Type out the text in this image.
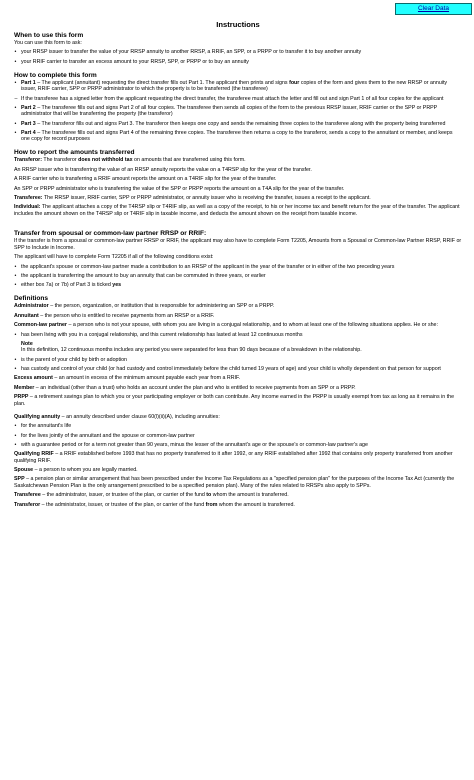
Clear Data
Instructions
When to use this form

You can use this form to ask:

• your RRSP issuer to transfer the value of your RRSP annuity to another RRSP, a RRIF, an SPP, or a PRPP or to transfer it to buy another annuity
• your RRIF carrier to transfer an excess amount to your RRSP, SPP, or PRPP or to buy an annuity
How to complete this form
• Part 1 – The applicant (annuitant) requesting the direct transfer fills out Part 1. The applicant then prints and signs four copies of the form and gives them to the new RRSP or annuity issuer, RRIF carrier, SPP or PRPP administrator to which the property is to be transferred (the transferee)
– If the transferee has a signed letter from the applicant requesting the direct transfer, the transferee must attach the letter and fill out and sign Part 1 of all four copies for the applicant
• Part 2 – The transferee fills out and signs Part 2 of all four copies. The transferee then sends all copies of the form to the previous RRSP issuer, RRIF carrier or the SPP or PRPP administrator that will be transferring the property (the transferor)
• Part 3 – The transferor fills out and signs Part 3. The transferor then keeps one copy and sends the remaining three copies to the transferee along with the property being transferred
• Part 4 – The transferee fills out and signs Part 4 of the remaining three copies. The transferee then returns a copy to the transferor, sends a copy to the annuitant or member, and keeps one copy for record purposes
How to report the amounts transferred

Transferor: The transferor does not withhold tax on amounts that are transferred using this form.

An RRSP issuer who is transferring the value of an RRSP annuity reports the value on a T4RSP slip for the year of the transfer.

A RRIF carrier who is transferring a RRIF amount reports the amount on a T4RIF slip for the year of the transfer.

An SPP or PRPP administrator who is transferring the value of the SPP or PRPP reports the amount on a T4A slip for the year of the transfer.

Transferee: The RRSP issuer, RRIF carrier, SPP or PRPP administrator, or annuity issuer who is receiving the transfer, issues a receipt to the applicant.

Individual: The applicant attaches a copy of the T4RSP slip or T4RIF slip, as well as a copy of the receipt, to his or her income tax and benefit return for the year of the transfer. The applicant includes the amount shown on the T4RSP slip or T4RIF slip in taxable income, and deducts the amount shown on the receipt from taxable income.

Transfer from spousal or common-law partner RRSP or RRIF:

If the transfer is from a spousal or common-law partner RRSP or RRIF, the applicant may also have to complete Form T2205, Amounts from a Spousal or Common-law Partner RRSP, RRIF or SPP to Include in Income.

The applicant will have to complete Form T2205 if all of the following conditions exist:

• the applicant's spouse or common-law partner made a contribution to an RRSP of the applicant in the year of the transfer or in either of the two preceding years
• the applicant is transferring the amount to buy an annuity that can be commuted in three years, or earlier
• either box 7a) or 7b) of Part 3 is ticked yes
Definitions

Administrator – the person, organization, or institution that is responsible for administering an SPP or a PRPP.

Annuitant – the person who is entitled to receive payments from an RRSP or a RRIF.

Common-law partner – a person who is not your spouse, with whom you are living in a conjugal relationship, and to whom at least one of the following situations applies. He or she:

• has been living with you in a conjugal relationship, and this current relationship has lasted at least 12 continuous months
Note
In this definition, 12 continuous months includes any period you were separated for less than 90 days because of a breakdown in the relationship.
• is the parent of your child by birth or adoption
• has custody and control of your child (or had custody and control immediately before the child turned 19 years of age) and your child is wholly dependent on that person for support

Excess amount – an amount in excess of the minimum amount payable each year from a RRIF.

Member – an individual (other than a trust) who holds an account under the plan and who is entitled to receive payments from an SPP or a PRPP.

PRPP – a retirement savings plan to which you or your participating employer or both can contribute. Any income earned in the PRPP is usually exempt from tax as long as it remains in the plan.

Qualifying annuity – an annuity described under clause 60(l)(ii)(A), including annuities:

• for the annuitant's life
• for the lives jointly of the annuitant and the spouse or common-law partner
• with a guarantee period or for a term not greater than 90 years, minus the lesser of the annuitant's age or the spouse's or common-law partner's age

Qualifying RRIF – a RRIF established before 1993 that has no property transferred to it after 1992, or any RRIF established after 1992 that contains only property transferred from another qualifying RRIF.

Spouse – a person to whom you are legally married.

SPP – a pension plan or similar arrangement that has been prescribed under the Income Tax Regulations as a "specified pension plan" for the purposes of the Income Tax Act (currently the Saskatchewan Pension Plan is the only arrangement prescribed to be a specified pension plan). Many of the rules related to RRSPs also apply to SPPs.

Transferee – the administrator, issuer, or trustee of the plan, or carrier of the fund to whom the amount is transferred.

Transferor – the administrator, issuer, or trustee of the plan, or carrier of the fund from whom the amount is transferred.
